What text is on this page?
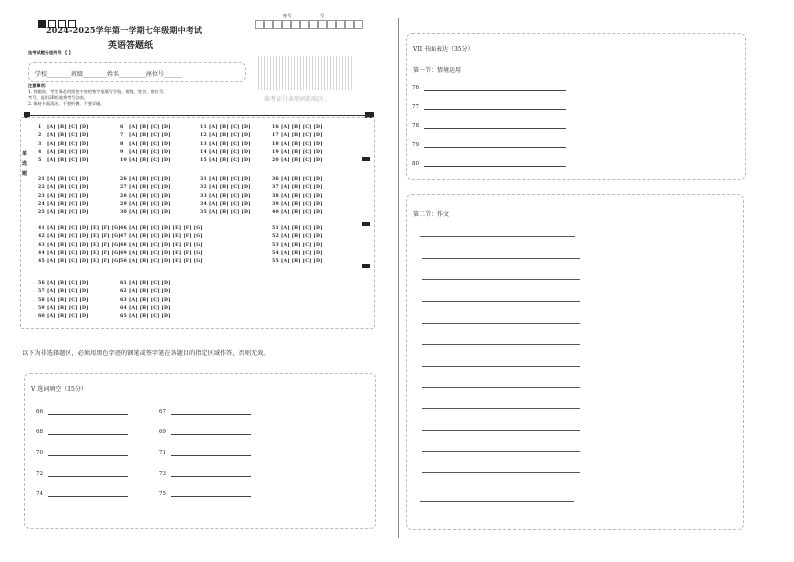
2024-2025学年第一学期七年级期中考试
英语答题纸
座号	号
准考证号条形码粘贴区
选考试题分值列号 【 】
学校________班级________姓名_________座位号______
注意事项：
1. 答题前，考生务必用黑色字迹的签字笔填写学校、班级、姓名、座位号、
考号，再用2B铅笔将考号涂黑。
2. 保持卡面清洁，不要折叠，不要弄破。
单
选
题
1 [A] [B] [C] [D]
2 [A] [B] [C] [D]
3 [A] [B] [C] [D]
4 [A] [B] [C] [D]
5 [A] [B] [C] [D]
6 [A] [B] [C] [D]
7 [A] [B] [C] [D]
8 [A] [B] [C] [D]
9 [A] [B] [C] [D]
10 [A] [B] [C] [D]
11 [A] [B] [C] [D]
12 [A] [B] [C] [D]
13 [A] [B] [C] [D]
14 [A] [B] [C] [D]
15 [A] [B] [C] [D]
16 [A] [B] [C] [D]
17 [A] [B] [C] [D]
18 [A] [B] [C] [D]
19 [A] [B] [C] [D]
20 [A] [B] [C] [D]
21 [A] [B] [C] [D]
22 [A] [B] [C] [D]
23 [A] [B] [C] [D]
24 [A] [B] [C] [D]
25 [A] [B] [C] [D]
26 [A] [B] [C] [D]
27 [A] [B] [C] [D]
28 [A] [B] [C] [D]
29 [A] [B] [C] [D]
30 [A] [B] [C] [D]
31 [A] [B] [C] [D]
32 [A] [B] [C] [D]
33 [A] [B] [C] [D]
34 [A] [B] [C] [D]
35 [A] [B] [C] [D]
36 [A] [B] [C] [D]
37 [A] [B] [C] [D]
38 [A] [B] [C] [D]
39 [A] [B] [C] [D]
40 [A] [B] [C] [D]
41 [A] [B] [C] [D] [E] [F] [G]
42 [A] [B] [C] [D] [E] [F] [G]
43 [A] [B] [C] [D] [E] [F] [G]
44 [A] [B] [C] [D] [E] [F] [G]
45 [A] [B] [C] [D] [E] [F] [G]
46 [A] [B] [C] [D] [E] [F] [G]
47 [A] [B] [C] [D] [E] [F] [G]
48 [A] [B] [C] [D] [E] [F] [G]
49 [A] [B] [C] [D] [E] [F] [G]
50 [A] [B] [C] [D] [E] [F] [G]
51 [A] [B] [C] [D]
52 [A] [B] [C] [D]
53 [A] [B] [C] [D]
54 [A] [B] [C] [D]
55 [A] [B] [C] [D]
56 [A] [B] [C] [D]
57 [A] [B] [C] [D]
58 [A] [B] [C] [D]
59 [A] [B] [C] [D]
60 [A] [B] [C] [D]
61 [A] [B] [C] [D]
62 [A] [B] [C] [D]
63 [A] [B] [C] [D]
64 [A] [B] [C] [D]
65 [A] [B] [C] [D]
以下为非选择题区，必须用黑色字迹的钢笔或签字笔在各题目的指定区域作答，否则无效。
V 选词填空（15分）
66	67
68	69
70	71
72	73
74	75
VII 书面表达（35分）
第一节：情境运用
76
77
78
79
80
第二节：作文
